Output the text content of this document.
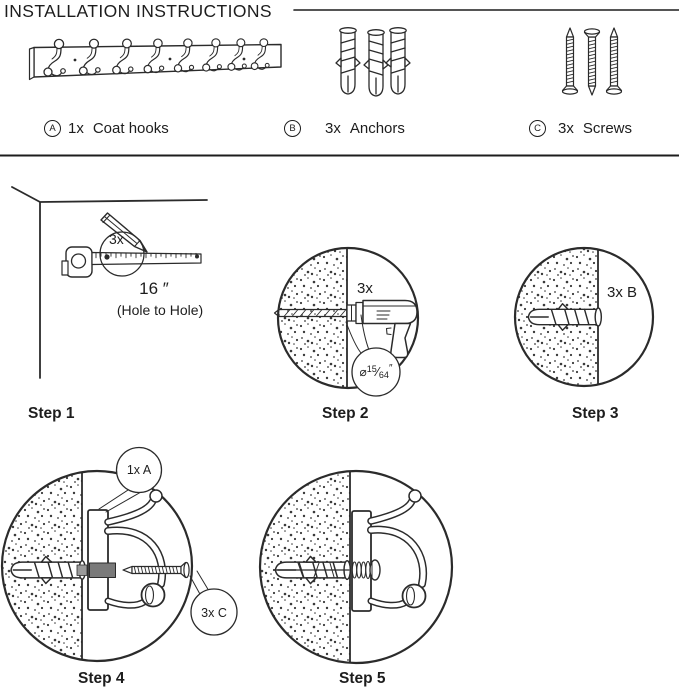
INSTALLATION INSTRUCTIONS
A 1x Coat hooks	B	3x Anchors	C	3x Screws
3x
16 ″
(Hole to Hole)
3x
⌀$^{15}$⁄64″
3x B
1x A
3x C
Step 1	Step 2	Step 3
Step 4	Step 5
